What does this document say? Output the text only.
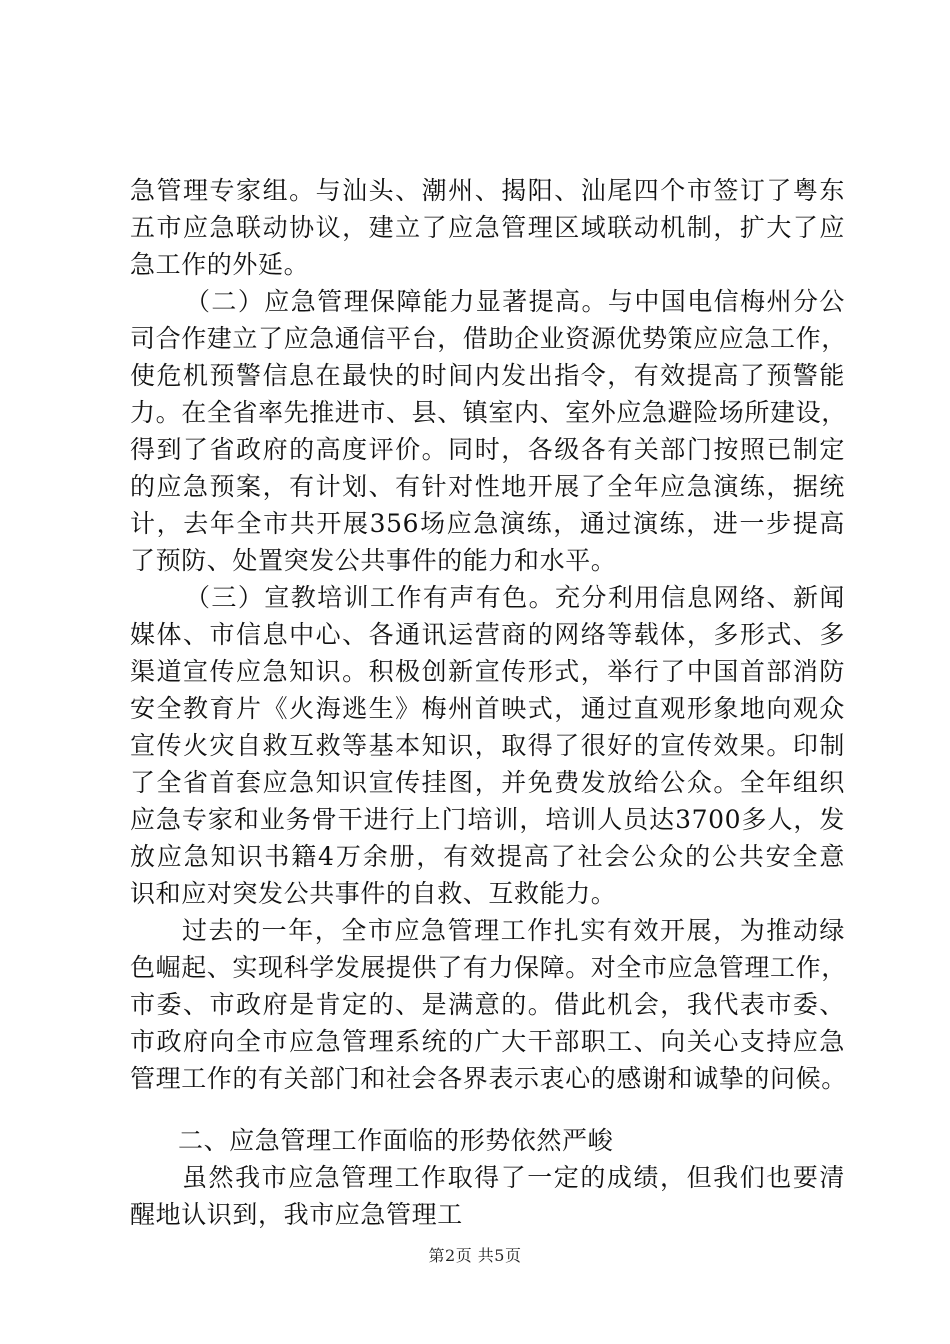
急管理专家组。与汕头、潮州、揭阳、汕尾四个市签订了粤东
五市应急联动协议，建立了应急管理区域联动机制，扩大了应
急工作的外延。
（二）应急管理保障能力显著提高。与中国电信梅州分公
司合作建立了应急通信平台，借助企业资源优势策应应急工作，
使危机预警信息在最快的时间内发出指令，有效提高了预警能
力。在全省率先推进市、县、镇室内、室外应急避险场所建设，
得到了省政府的高度评价。同时，各级各有关部门按照已制定
的应急预案，有计划、有针对性地开展了全年应急演练，据统
计，去年全市共开展356场应急演练，通过演练，进一步提高
了预防、处置突发公共事件的能力和水平。
（三）宣教培训工作有声有色。充分利用信息网络、新闻
媒体、市信息中心、各通讯运营商的网络等载体，多形式、多
渠道宣传应急知识。积极创新宣传形式，举行了中国首部消防
安全教育片《火海逃生》梅州首映式，通过直观形象地向观众
宣传火灾自救互救等基本知识，取得了很好的宣传效果。印制
了全省首套应急知识宣传挂图，并免费发放给公众。全年组织
应急专家和业务骨干进行上门培训，培训人员达3700多人，发
放应急知识书籍4万余册，有效提高了社会公众的公共安全意
识和应对突发公共事件的自救、互救能力。
过去的一年，全市应急管理工作扎实有效开展，为推动绿
色崛起、实现科学发展提供了有力保障。对全市应急管理工作，
市委、市政府是肯定的、是满意的。借此机会，我代表市委、
市政府向全市应急管理系统的广大干部职工、向关心支持应急
管理工作的有关部门和社会各界表示衷心的感谢和诚挚的问候。
二、应急管理工作面临的形势依然严峻
虽然我市应急管理工作取得了一定的成绩，但我们也要清
醒地认识到，我市应急管理工
第2页 共5页
